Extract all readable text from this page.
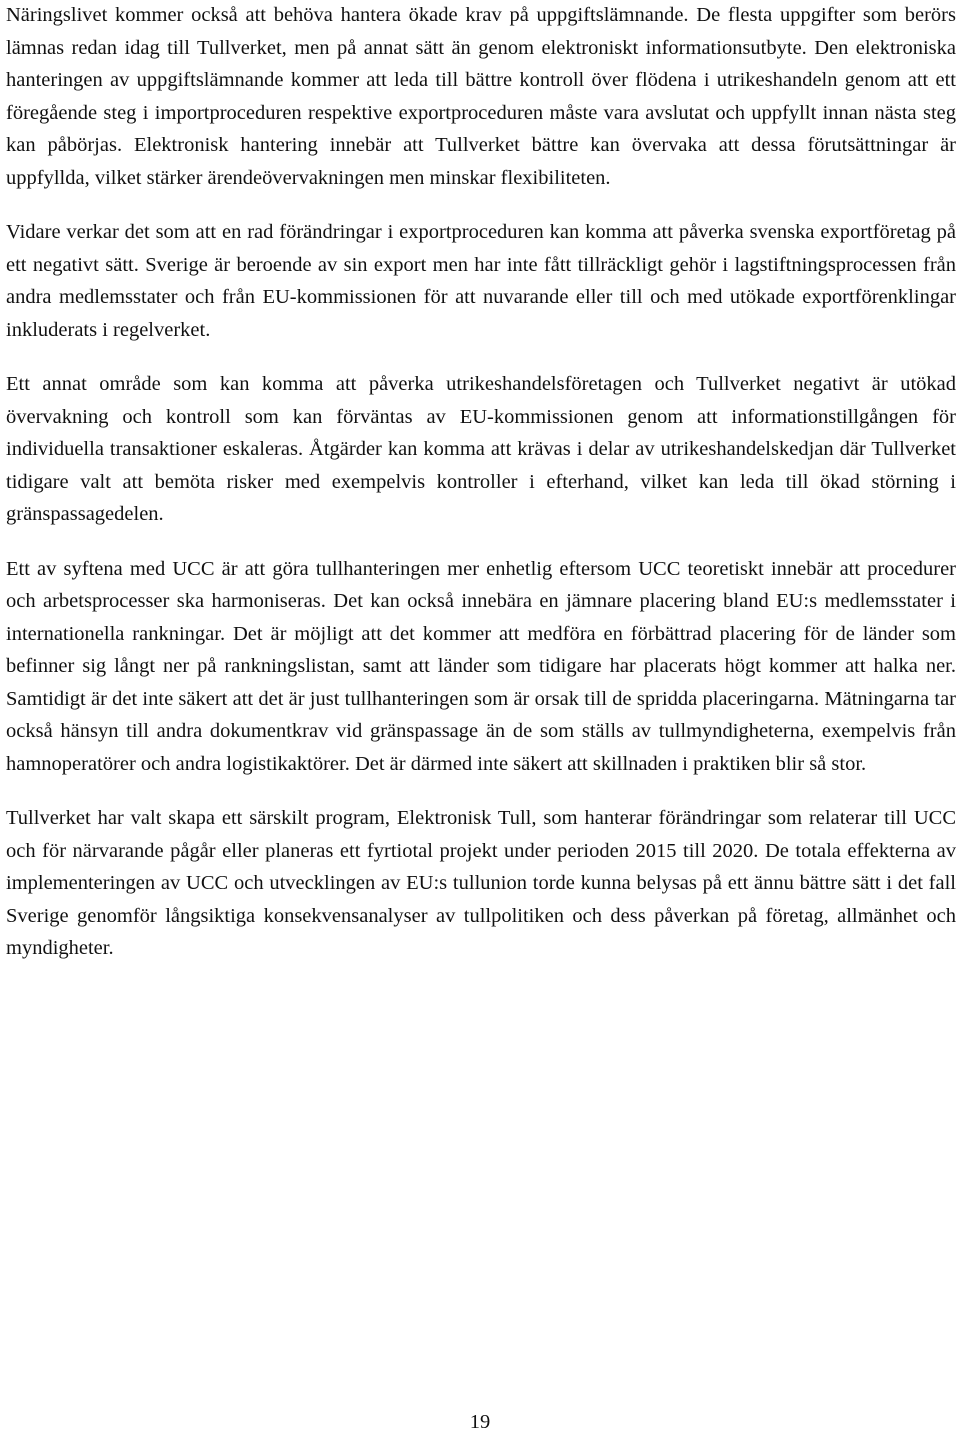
Näringslivet kommer också att behöva hantera ökade krav på uppgiftslämnande. De flesta uppgifter som berörs lämnas redan idag till Tullverket, men på annat sätt än genom elektroniskt informationsutbyte. Den elektroniska hanteringen av uppgiftslämnande kommer att leda till bättre kontroll över flödena i utrikeshandeln genom att ett föregående steg i importproceduren respektive exportproceduren måste vara avslutat och uppfyllt innan nästa steg kan påbörjas. Elektronisk hantering innebär att Tullverket bättre kan övervaka att dessa förutsättningar är uppfyllda, vilket stärker ärendeövervakningen men minskar flexibiliteten.

Vidare verkar det som att en rad förändringar i exportproceduren kan komma att påverka svenska exportföretag på ett negativt sätt. Sverige är beroende av sin export men har inte fått tillräckligt gehör i lagstiftningsprocessen från andra medlemsstater och från EU-kommissionen för att nuvarande eller till och med utökade exportförenklingar inkluderats i regelverket.

Ett annat område som kan komma att påverka utrikeshandelsföretagen och Tullverket negativt är utökad övervakning och kontroll som kan förväntas av EU-kommissionen genom att informationstillgången för individuella transaktioner eskaleras. Åtgärder kan komma att krävas i delar av utrikeshandelskedjan där Tullverket tidigare valt att bemöta risker med exempelvis kontroller i efterhand, vilket kan leda till ökad störning i gränspassagedelen.

Ett av syftena med UCC är att göra tullhanteringen mer enhetlig eftersom UCC teoretiskt innebär att procedurer och arbetsprocesser ska harmoniseras. Det kan också innebära en jämnare placering bland EU:s medlemsstater i internationella rankningar. Det är möjligt att det kommer att medföra en förbättrad placering för de länder som befinner sig långt ner på rankningslistan, samt att länder som tidigare har placerats högt kommer att halka ner. Samtidigt är det inte säkert att det är just tullhanteringen som är orsak till de spridda placeringarna. Mätningarna tar också hänsyn till andra dokumentkrav vid gränspassage än de som ställs av tullmyndigheterna, exempelvis från hamnoperatörer och andra logistikaktörer. Det är därmed inte säkert att skillnaden i praktiken blir så stor.

Tullverket har valt skapa ett särskilt program, Elektronisk Tull, som hanterar förändringar som relaterar till UCC och för närvarande pågår eller planeras ett fyrtiotal projekt under perioden 2015 till 2020. De totala effekterna av implementeringen av UCC och utvecklingen av EU:s tullunion torde kunna belysas på ett ännu bättre sätt i det fall Sverige genomför långsiktiga konsekvensanalyser av tullpolitiken och dess påverkan på företag, allmänhet och myndigheter.

19
